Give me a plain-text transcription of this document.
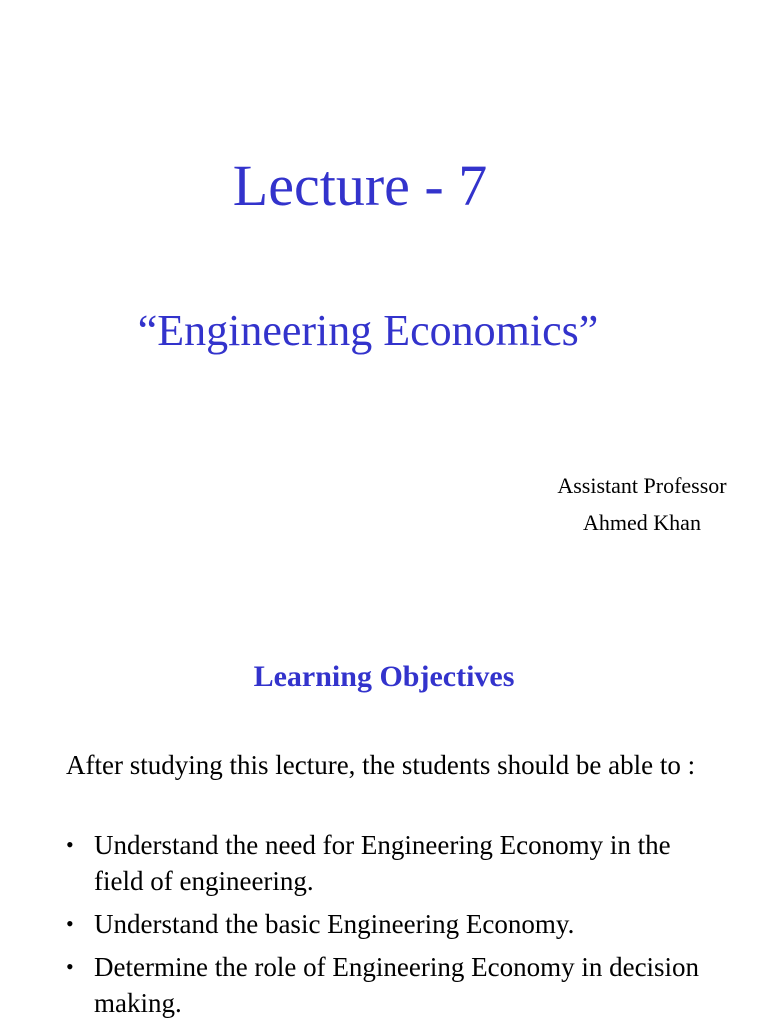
Lecture - 7
“Engineering Economics”
Assistant Professor
Ahmed Khan
Learning Objectives

After studying this lecture, the students should be able to :

• Understand the need for Engineering Economy in the field of engineering.
• Understand the basic Engineering Economy.
• Determine the role of Engineering Economy in decision making.
